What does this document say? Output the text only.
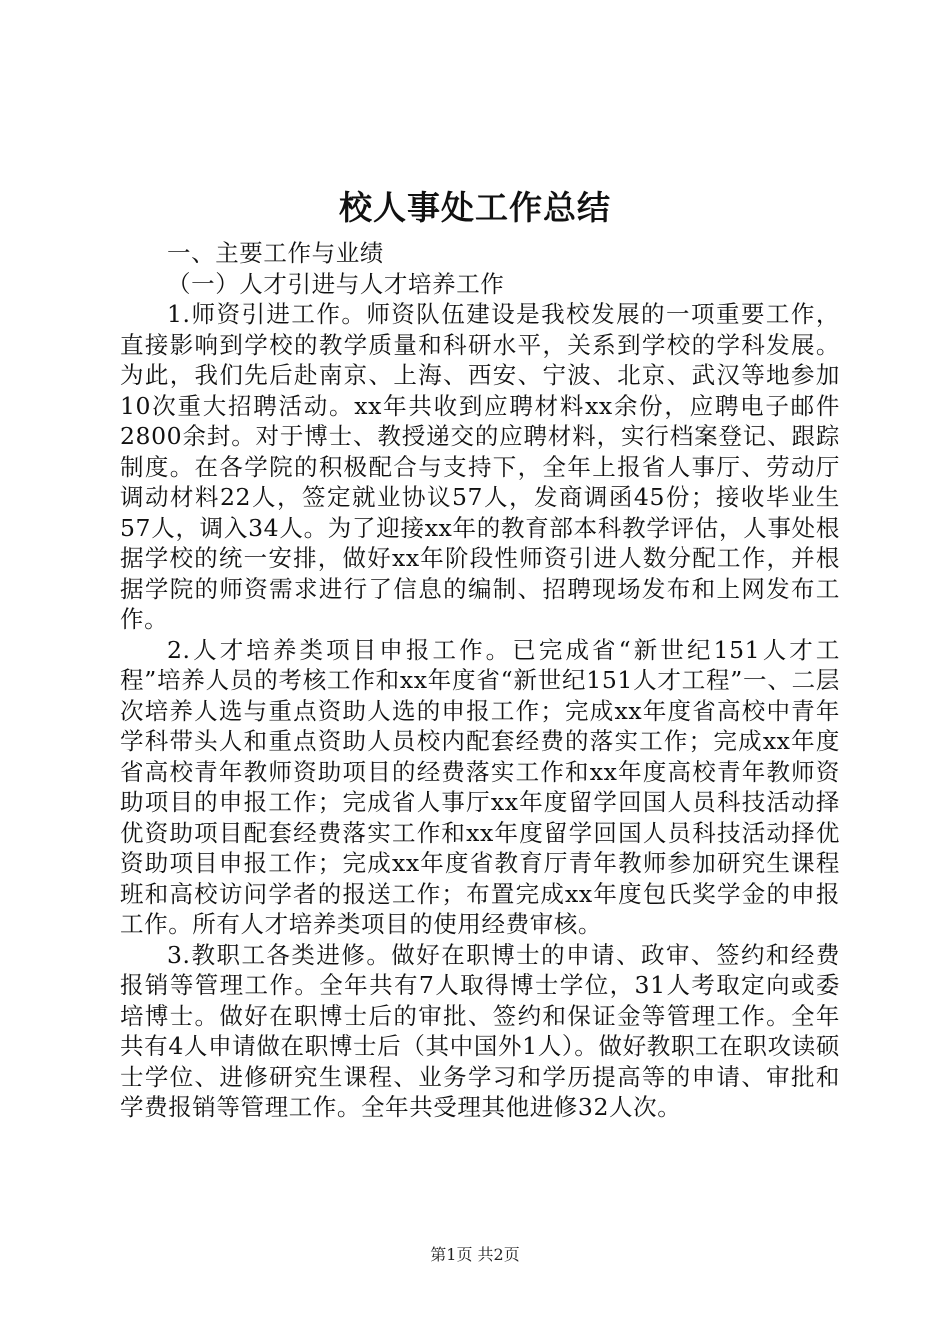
校人事处工作总结

一、主要工作与业绩

（一）人才引进与人才培养工作

1.师资引进工作。师资队伍建设是我校发展的一项重要工作，直接影响到学校的教学质量和科研水平，关系到学校的学科发展。为此，我们先后赴南京、上海、西安、宁波、北京、武汉等地参加10次重大招聘活动。xx年共收到应聘材料xx余份，应聘电子邮件2800余封。对于博士、教授递交的应聘材料，实行档案登记、跟踪制度。在各学院的积极配合与支持下，全年上报省人事厅、劳动厅调动材料22人，签定就业协议57人，发商调函45份；接收毕业生57人，调入34人。为了迎接xx年的教育部本科教学评估，人事处根据学校的统一安排，做好xx年阶段性师资引进人数分配工作，并根据学院的师资需求进行了信息的编制、招聘现场发布和上网发布工作。

2.人才培养类项目申报工作。已完成省“新世纪151人才工程”培养人员的考核工作和xx年度省“新世纪151人才工程”一、二层次培养人选与重点资助人选的申报工作；完成xx年度省高校中青年学科带头人和重点资助人员校内配套经费的落实工作；完成xx年度省高校青年教师资助项目的经费落实工作和xx年度高校青年教师资助项目的申报工作；完成省人事厅xx年度留学回国人员科技活动择优资助项目配套经费落实工作和xx年度留学回国人员科技活动择优资助项目申报工作；完成xx年度省教育厅青年教师参加研究生课程班和高校访问学者的报送工作；布置完成xx年度包氏奖学金的申报工作。所有人才培养类项目的使用经费审核。

3.教职工各类进修。做好在职博士的申请、政审、签约和经费报销等管理工作。全年共有7人取得博士学位，31人考取定向或委培博士。做好在职博士后的审批、签约和保证金等管理工作。全年共有4人申请做在职博士后（其中国外1人）。做好教职工在职攻读硕士学位、进修研究生课程、业务学习和学历提高等的申请、审批和学费报销等管理工作。全年共受理其他进修32人次。

第1页 共2页
